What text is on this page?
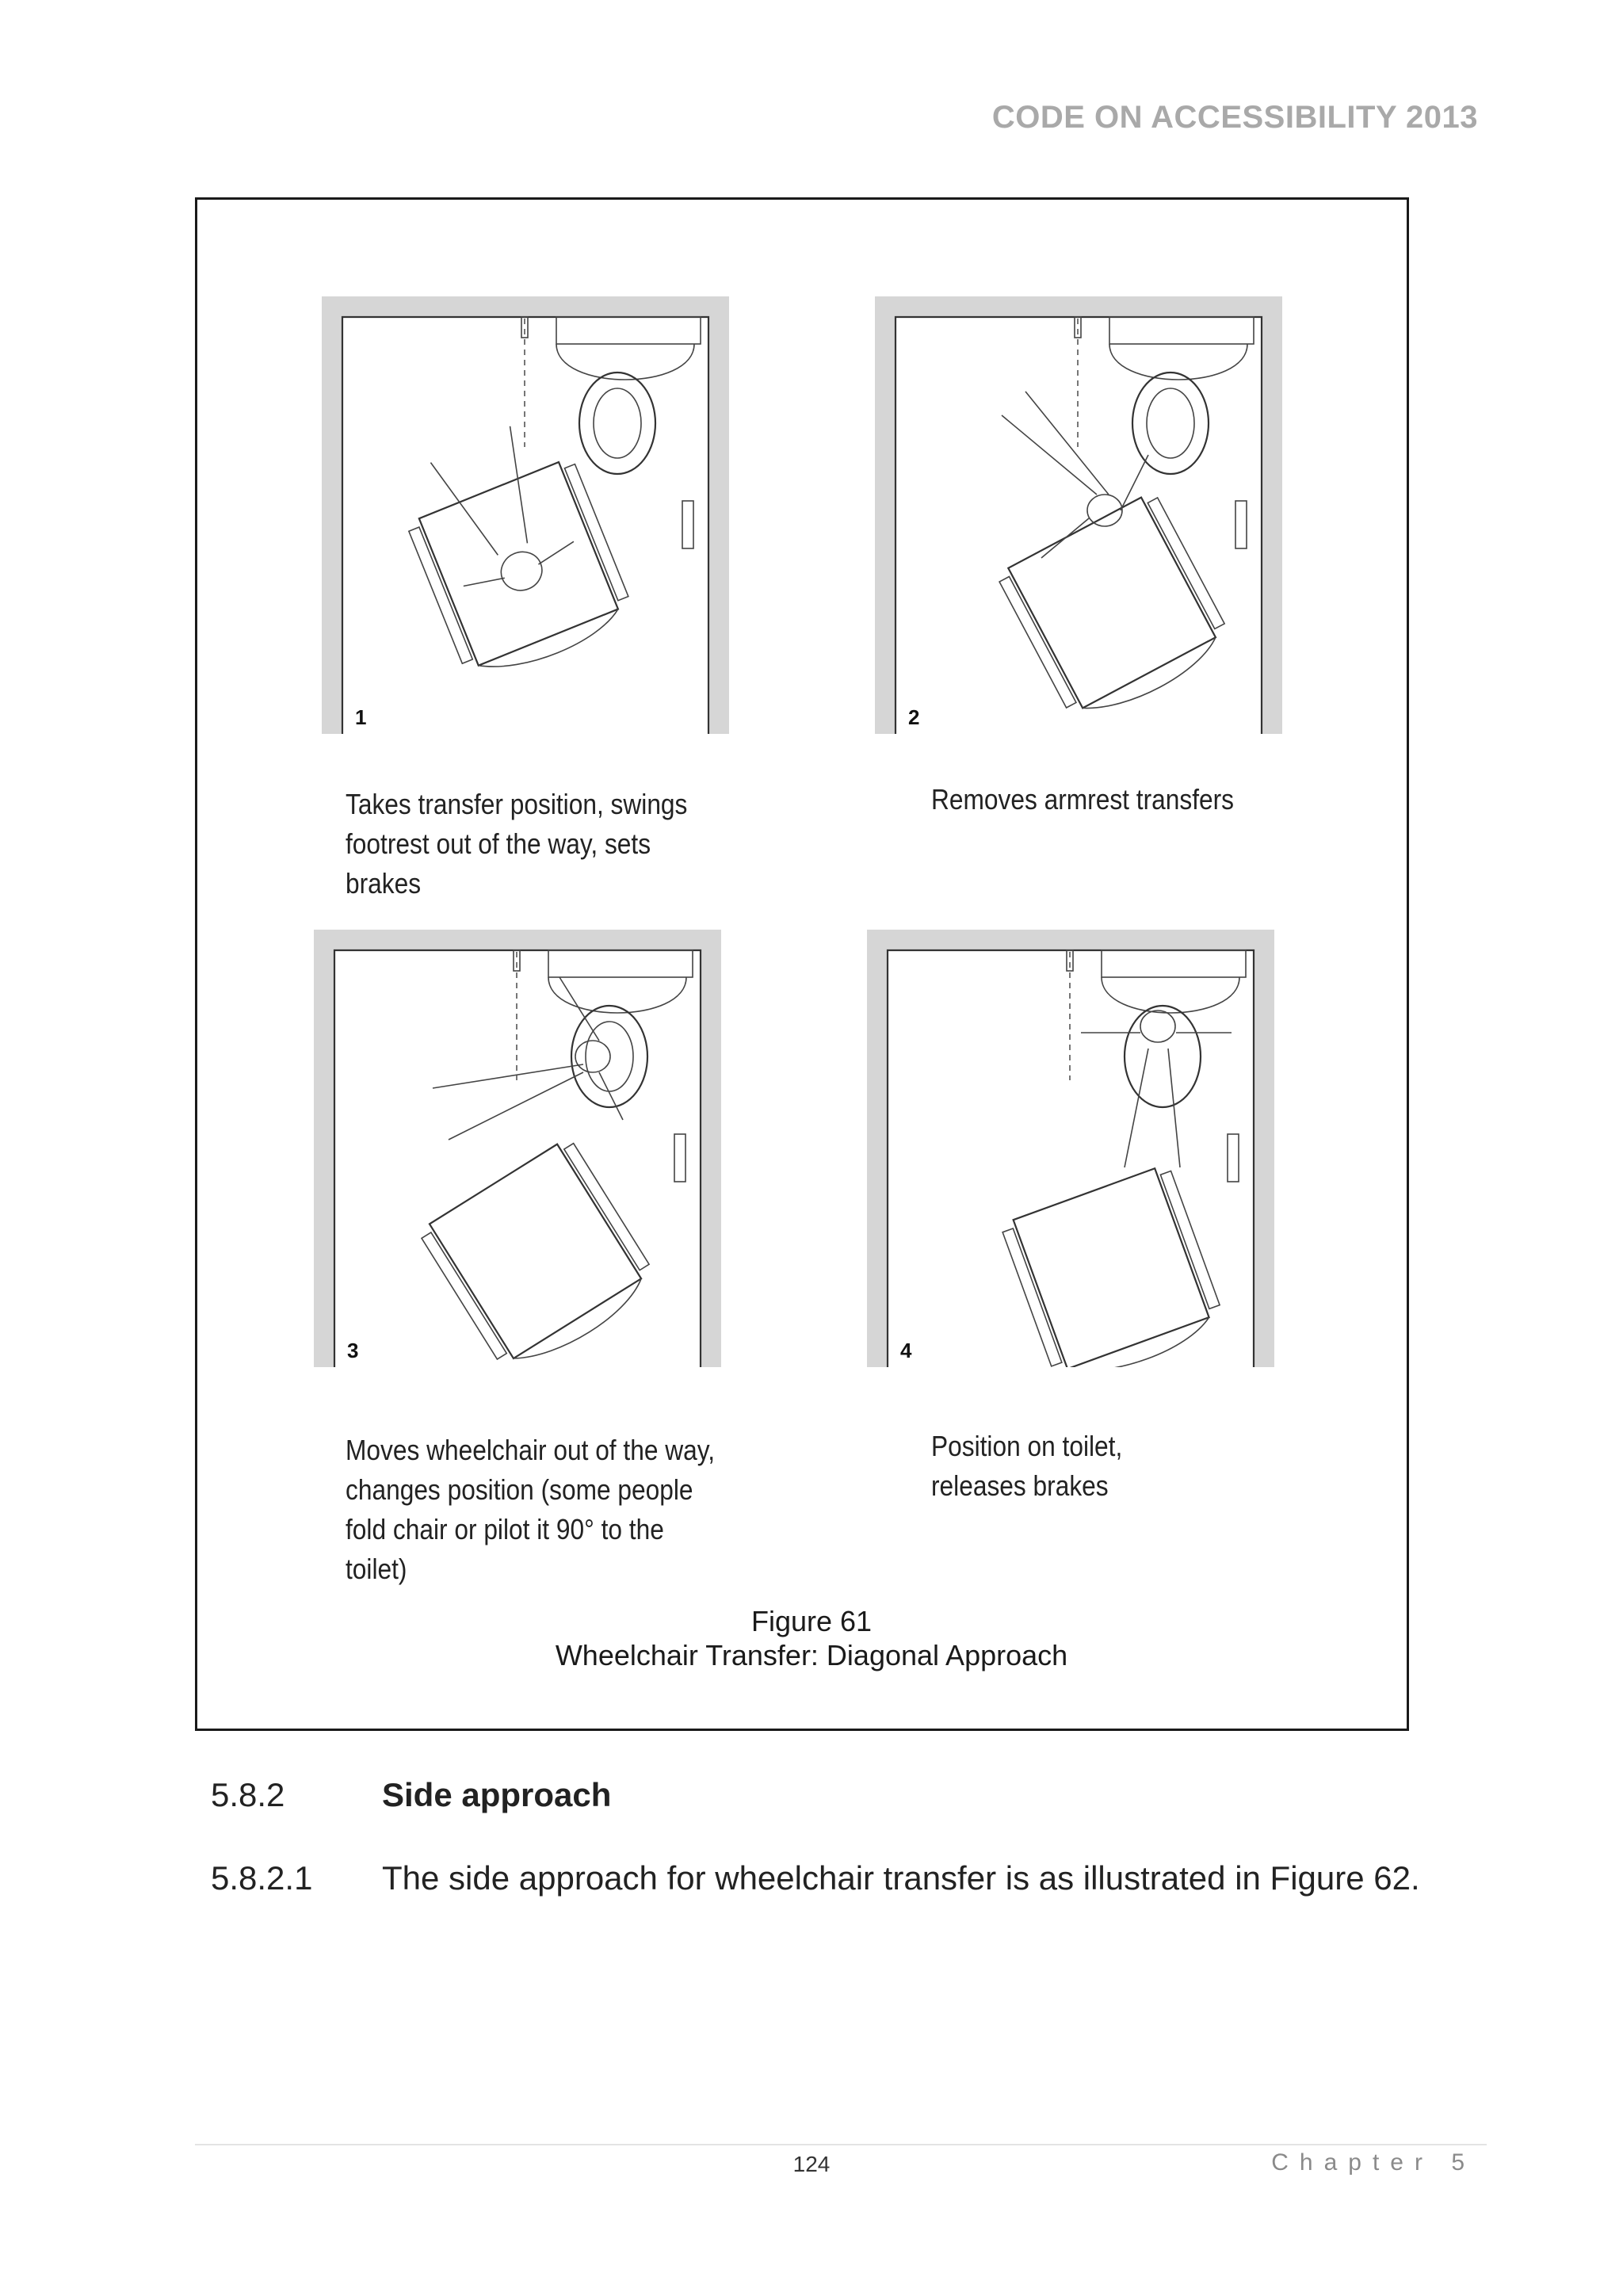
CODE ON ACCESSIBILITY 2013
1	2
3	4
Takes transfer position, swings footrest out of the way, sets brakes
Removes armrest transfers
Moves wheelchair out of the way, changes position (some people fold chair or pilot it 90° to the toilet)
Position on toilet, releases brakes
Figure 61
Wheelchair Transfer: Diagonal Approach
5.8.2	Side approach
5.8.2.1 The side approach for wheelchair transfer is as illustrated in Figure 62.
124	Chapter 5
